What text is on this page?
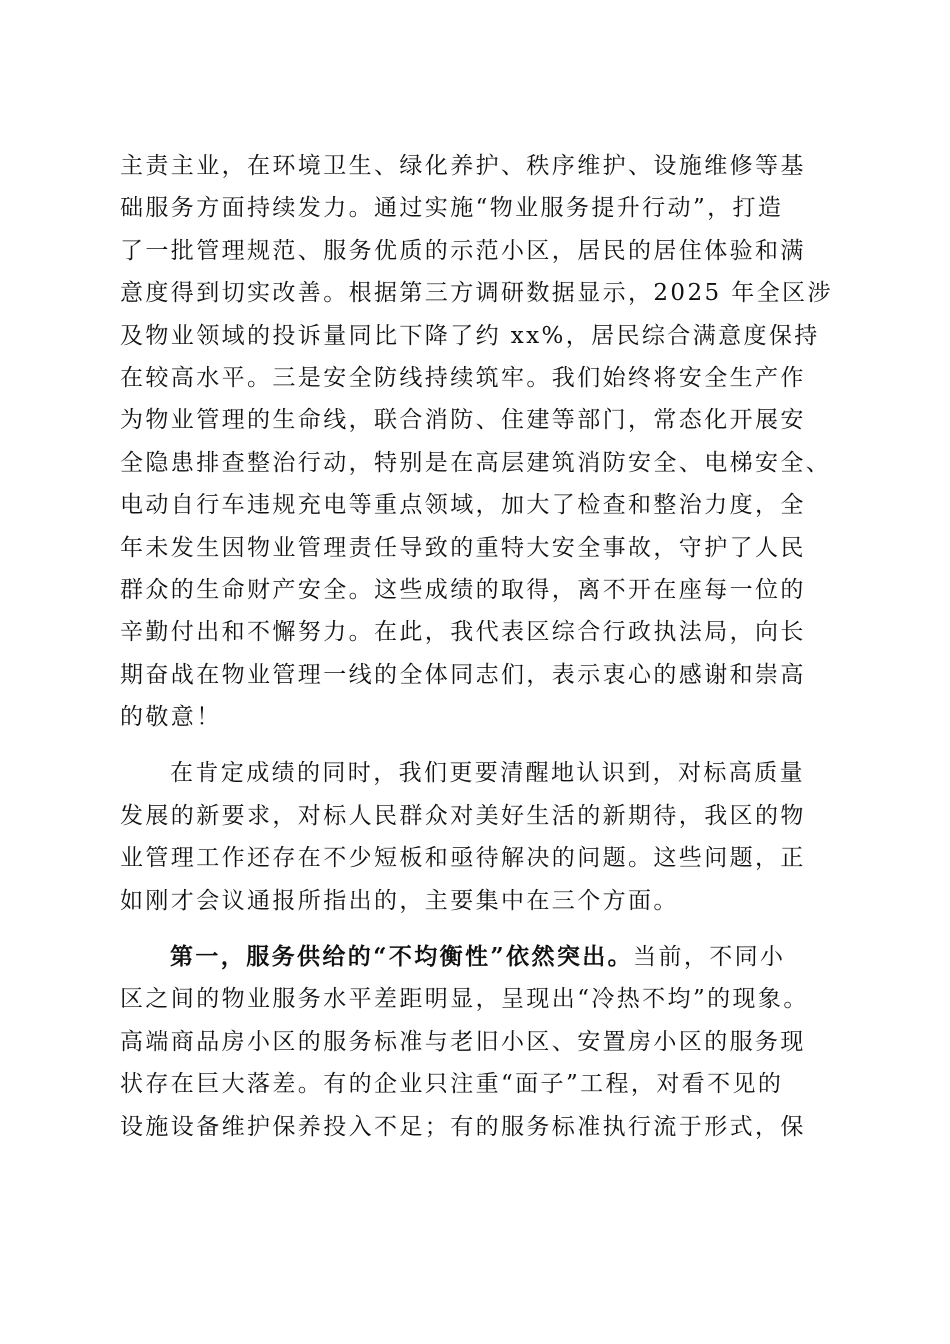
主责主业，在环境卫生、绿化养护、秩序维护、设施维修等基
础服务方面持续发力。通过实施“物业服务提升行动”，打造
了一批管理规范、服务优质的示范小区，居民的居住体验和满
意度得到切实改善。根据第三方调研数据显示，2025 年全区涉
及物业领域的投诉量同比下降了约 xx%，居民综合满意度保持
在较高水平。三是安全防线持续筑牢。我们始终将安全生产作
为物业管理的生命线，联合消防、住建等部门，常态化开展安
全隐患排查整治行动，特别是在高层建筑消防安全、电梯安全、
电动自行车违规充电等重点领域，加大了检查和整治力度，全
年未发生因物业管理责任导致的重特大安全事故，守护了人民
群众的生命财产安全。这些成绩的取得，离不开在座每一位的
辛勤付出和不懈努力。在此，我代表区综合行政执法局，向长
期奋战在物业管理一线的全体同志们，表示衷心的感谢和崇高
的敬意！
在肯定成绩的同时，我们更要清醒地认识到，对标高质量
发展的新要求，对标人民群众对美好生活的新期待，我区的物
业管理工作还存在不少短板和亟待解决的问题。这些问题，正
如刚才会议通报所指出的，主要集中在三个方面。
第一，服务供给的“不均衡性”依然突出。当前，不同小
区之间的物业服务水平差距明显，呈现出“冷热不均”的现象。
高端商品房小区的服务标准与老旧小区、安置房小区的服务现
状存在巨大落差。有的企业只注重“面子”工程，对看不见的
设施设备维护保养投入不足；有的服务标准执行流于形式，保
